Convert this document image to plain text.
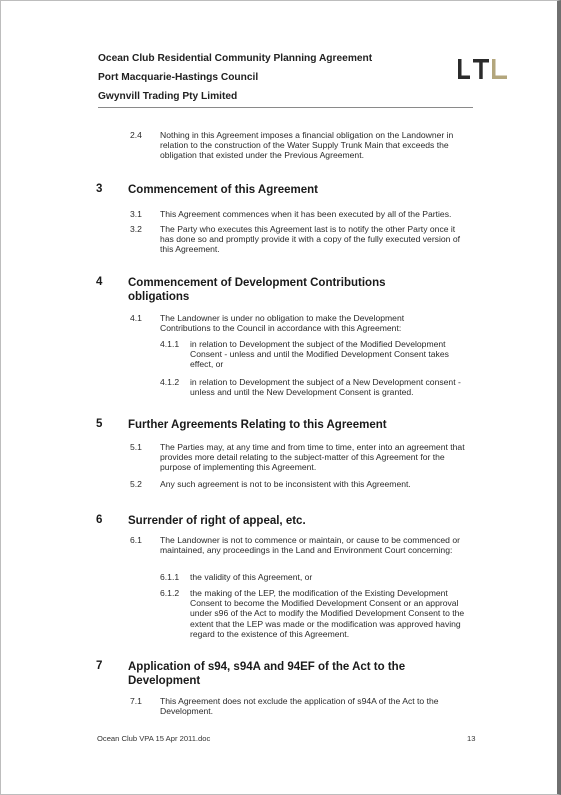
Ocean Club Residential Community Planning Agreement
Port Macquarie-Hastings Council
Gwynvill Trading Pty Limited
2.4 Nothing in this Agreement imposes a financial obligation on the Landowner in relation to the construction of the Water Supply Trunk Main that exceeds the obligation that existed under the Previous Agreement.
3 Commencement of this Agreement
3.1 This Agreement commences when it has been executed by all of the Parties.
3.2 The Party who executes this Agreement last is to notify the other Party once it has done so and promptly provide it with a copy of the fully executed version of this Agreement.
4 Commencement of Development Contributions obligations
4.1 The Landowner is under no obligation to make the Development Contributions to the Council in accordance with this Agreement:
4.1.1 in relation to Development the subject of the Modified Development Consent - unless and until the Modified Development Consent takes effect, or
4.1.2 in relation to Development the subject of a New Development consent - unless and until the New Development Consent is granted.
5 Further Agreements Relating to this Agreement
5.1 The Parties may, at any time and from time to time, enter into an agreement that provides more detail relating to the subject-matter of this Agreement for the purpose of implementing this Agreement.
5.2 Any such agreement is not to be inconsistent with this Agreement.
6 Surrender of right of appeal, etc.
6.1 The Landowner is not to commence or maintain, or cause to be commenced or maintained, any proceedings in the Land and Environment Court concerning:
6.1.1 the validity of this Agreement, or
6.1.2 the making of the LEP, the modification of the Existing Development Consent to become the Modified Development Consent or an approval under s96 of the Act to modify the Modified Development Consent to the extent that the LEP was made or the modification was approved having regard to the existence of this Agreement.
7 Application of s94, s94A and 94EF of the Act to the Development
7.1 This Agreement does not exclude the application of s94A of the Act to the Development.
Ocean Club VPA 15 Apr 2011.doc	13
